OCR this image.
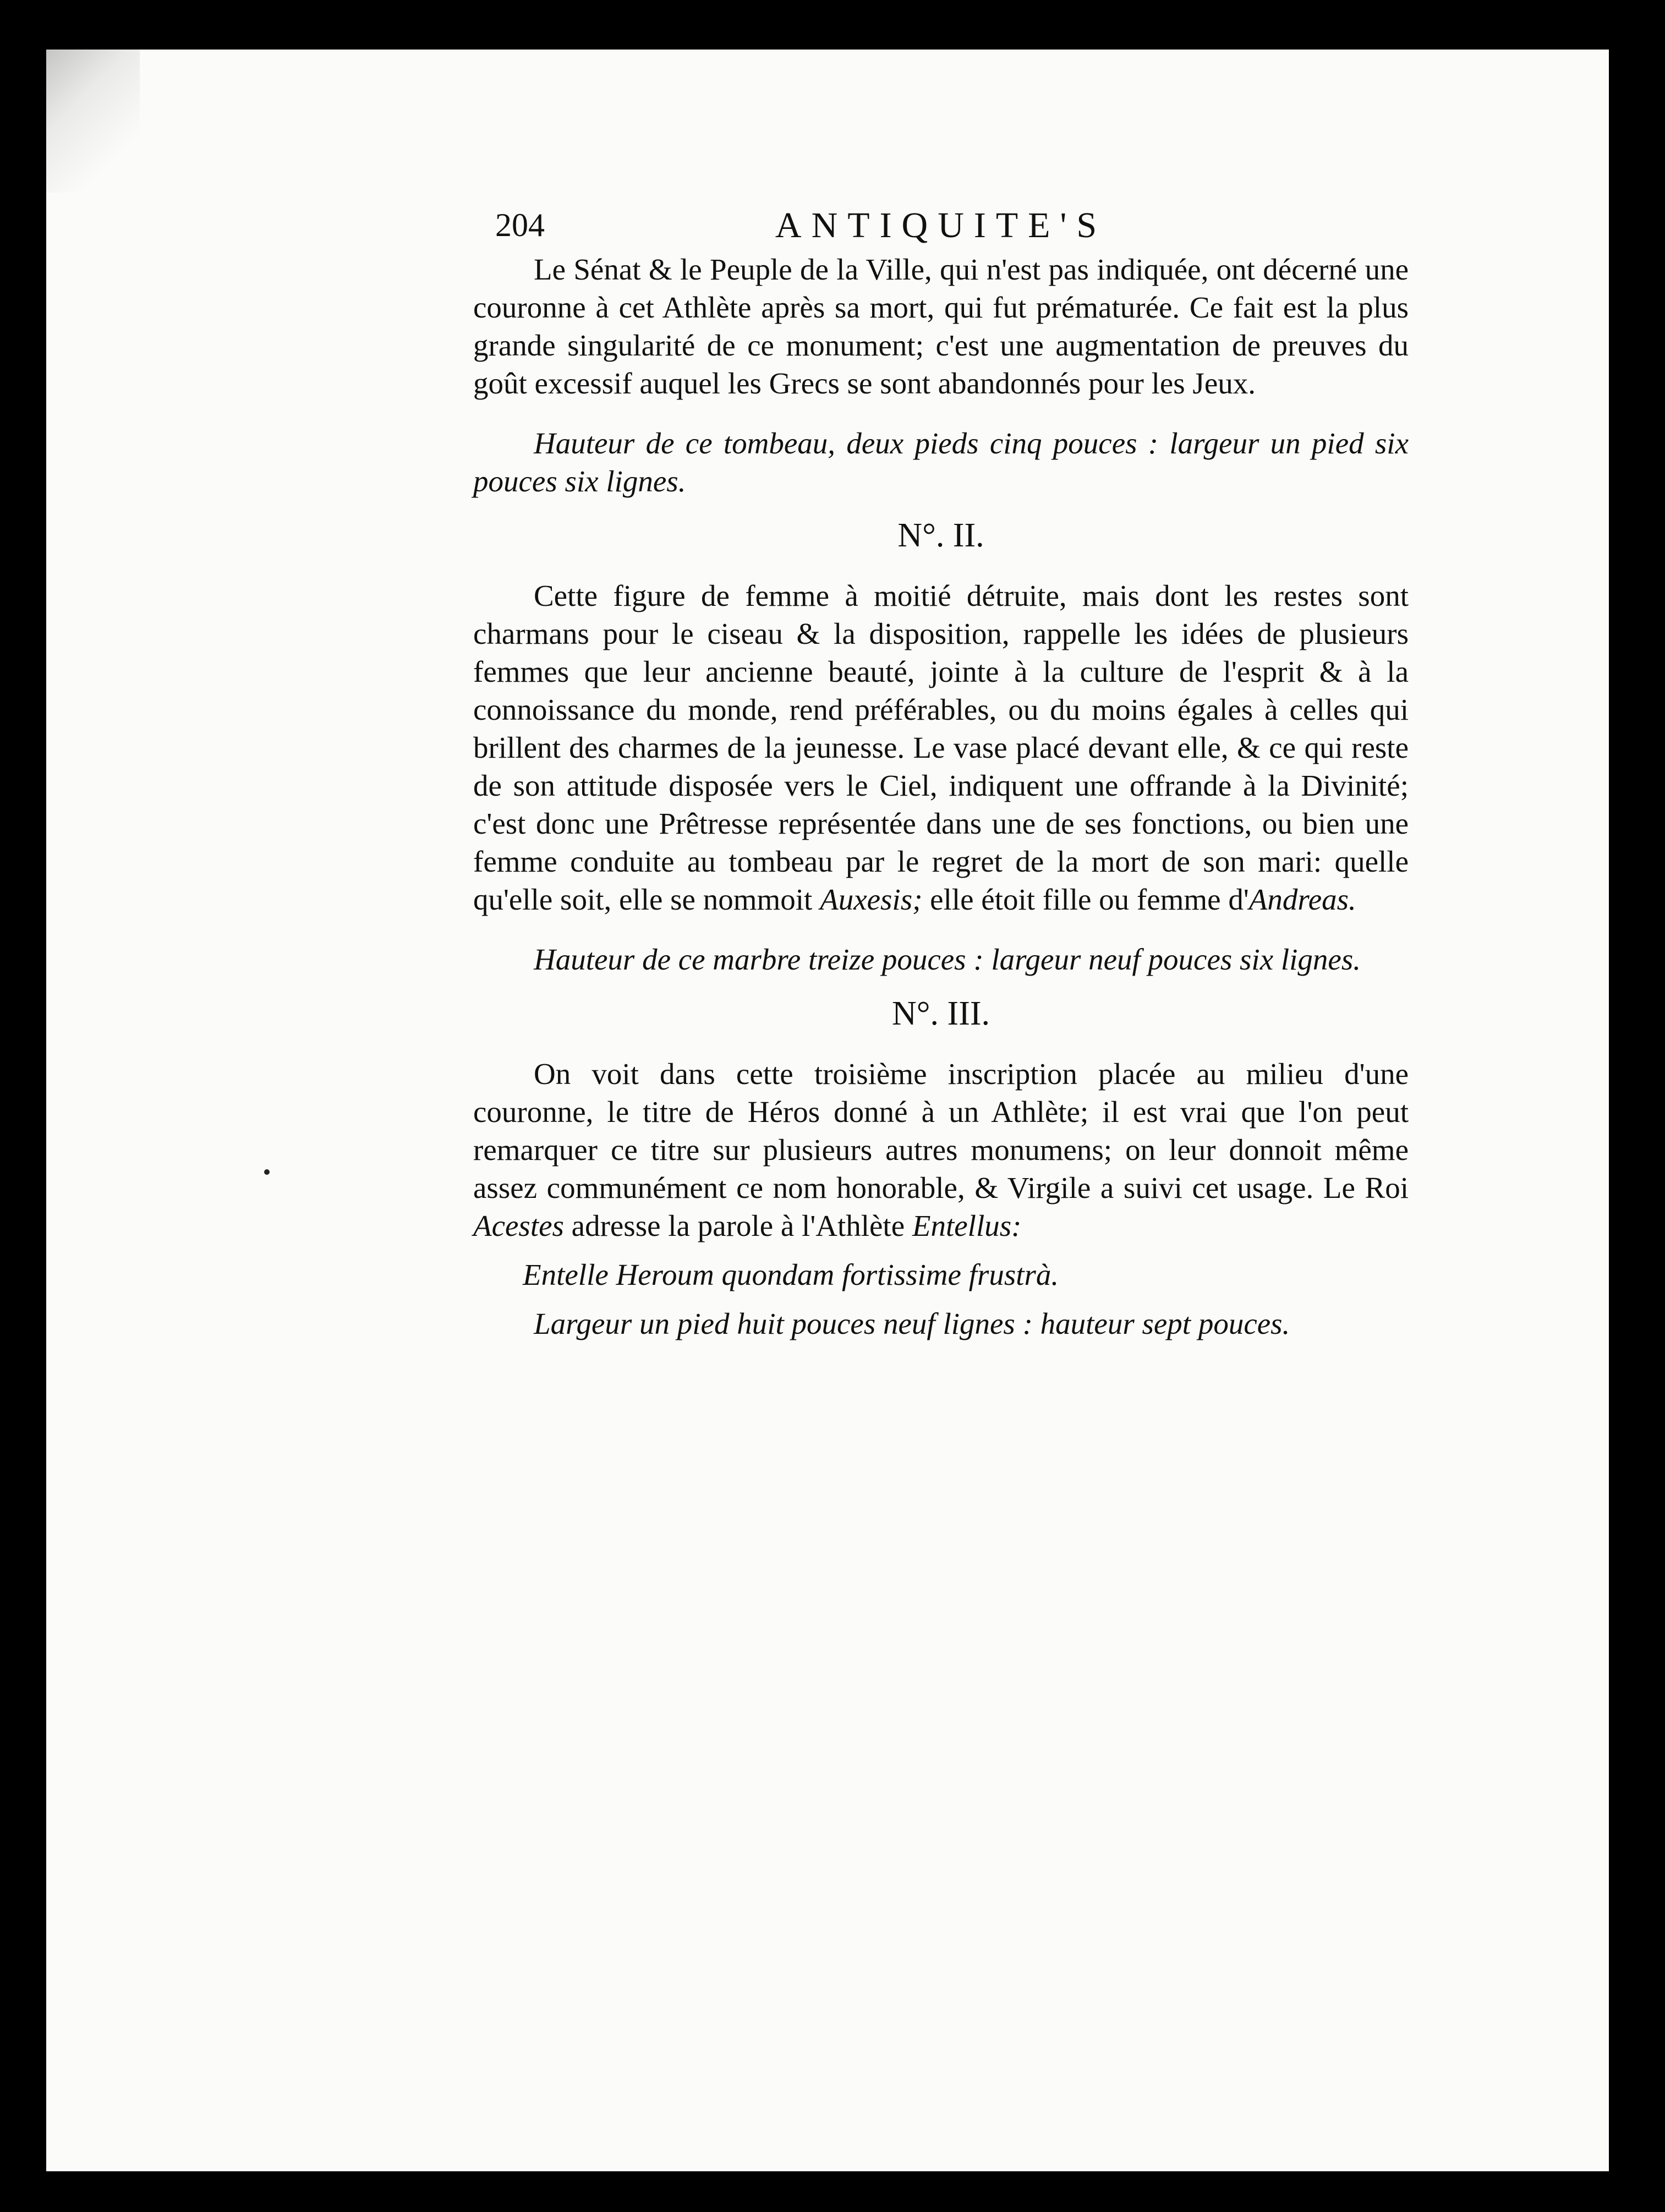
204	ANTIQUITE'S

Le Sénat & le Peuple de la Ville, qui n'est pas indiquée, ont décerné une couronne à cet Athlète après sa mort, qui fut prématurée. Ce fait est la plus grande singularité de ce monument; c'est une augmentation de preuves du goût excessif auquel les Grecs se sont abandonnés pour les Jeux.

Hauteur de ce tombeau, deux pieds cinq pouces : largeur un pied six pouces six lignes.

N°. II.

Cette figure de femme à moitié détruite, mais dont les restes sont charmans pour le ciseau & la disposition, rappelle les idées de plusieurs femmes que leur ancienne beauté, jointe à la culture de l'esprit & à la connoissance du monde, rend préférables, ou du moins égales à celles qui brillent des charmes de la jeunesse. Le vase placé devant elle, & ce qui reste de son attitude disposée vers le Ciel, indiquent une offrande à la Divinité; c'est donc une Prêtresse représentée dans une de ses fonctions, ou bien une femme conduite au tombeau par le regret de la mort de son mari: quelle qu'elle soit, elle se nommoit Auxesis; elle étoit fille ou femme d'Andreas.

Hauteur de ce marbre treize pouces : largeur neuf pouces six lignes.

N°. III.

On voit dans cette troisième inscription placée au milieu d'une couronne, le titre de Héros donné à un Athlète; il est vrai que l'on peut remarquer ce titre sur plusieurs autres monumens; on leur donnoit même assez communément ce nom honorable, & Virgile a suivi cet usage. Le Roi Acestes adresse la parole à l'Athlète Entellus:

Entelle Heroum quondam fortissime frustrà.

Largeur un pied huit pouces neuf lignes : hauteur sept pouces.
